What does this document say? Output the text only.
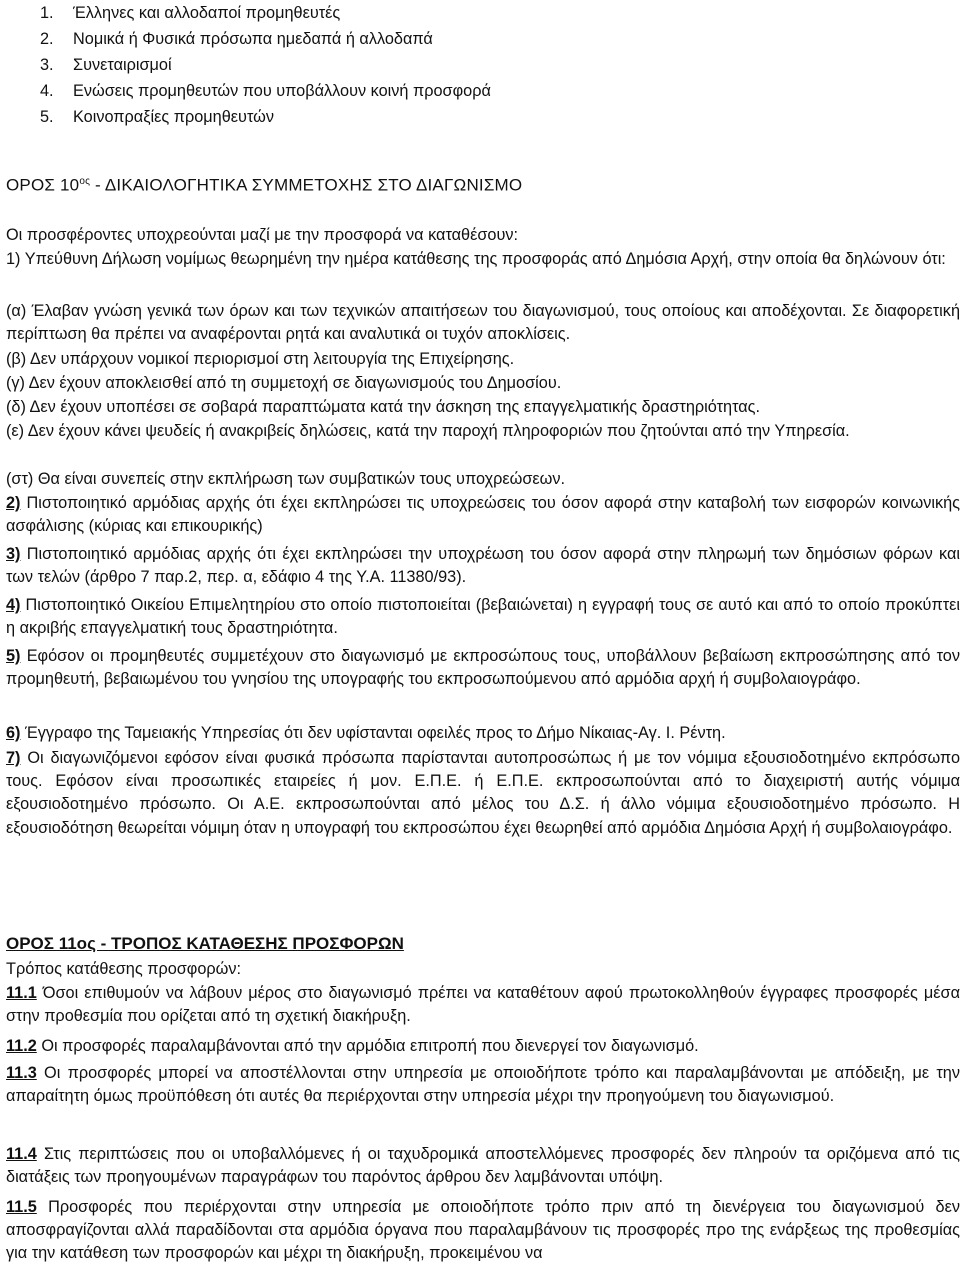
1. Έλληνες και αλλοδαποί προμηθευτές
2. Νομικά ή Φυσικά πρόσωπα ημεδαπά ή αλλοδαπά
3. Συνεταιρισμοί
4. Ενώσεις προμηθευτών που υποβάλλουν κοινή προσφορά
5. Κοινοπραξίες προμηθευτών
ΟΡΟΣ $10^{o\varsigma}$ - ΔΙΚΑΙΟΛΟΓΗΤΙΚΑ ΣΥΜΜΕΤΟΧΗΣ ΣΤΟ ΔΙΑΓΩΝΙΣΜΟ

Οι προσφέροντες υποχρεούνται μαζί με την προσφορά να καταθέσουν:

1) Υπεύθυνη Δήλωση νομίμως θεωρημένη την ημέρα κατάθεσης της προσφοράς από Δημόσια Αρχή, στην οποία θα δηλώνουν ότι:

(α) Έλαβαν γνώση γενικά των όρων και των τεχνικών απαιτήσεων του διαγωνισμού, τους οποίους και αποδέχονται. Σε διαφορετική περίπτωση θα πρέπει να αναφέρονται ρητά και αναλυτικά οι τυχόν αποκλίσεις.

(β) Δεν υπάρχουν νομικοί περιορισμοί στη λειτουργία της Επιχείρησης.

(γ) Δεν έχουν αποκλεισθεί από τη συμμετοχή σε διαγωνισμούς του Δημοσίου.

(δ) Δεν έχουν υποπέσει σε σοβαρά παραπτώματα κατά την άσκηση της επαγγελματικής δραστηριότητας.

(ε) Δεν έχουν κάνει ψευδείς ή ανακριβείς δηλώσεις, κατά την παροχή πληροφοριών που ζητούνται από την Υπηρεσία.

(στ) Θα είναι συνεπείς στην εκπλήρωση των συμβατικών τους υποχρεώσεων.

2) Πιστοποιητικό αρμόδιας αρχής ότι έχει εκπληρώσει τις υποχρεώσεις του όσον αφορά στην καταβολή των εισφορών κοινωνικής ασφάλισης (κύριας και επικουρικής)

3) Πιστοποιητικό αρμόδιας αρχής ότι έχει εκπληρώσει την υποχρέωση του όσον αφορά στην πληρωμή των δημόσιων φόρων και των τελών (άρθρο 7 παρ.2, περ. α, εδάφιο 4 της Υ.Α. 11380/93).

4) Πιστοποιητικό Οικείου Επιμελητηρίου στο οποίο πιστοποιείται (βεβαιώνεται) η εγγραφή τους σε αυτό και από το οποίο προκύπτει η ακριβής επαγγελματική τους δραστηριότητα.

5) Εφόσον οι προμηθευτές συμμετέχουν στο διαγωνισμό με εκπροσώπους τους, υποβάλλουν βεβαίωση εκπροσώπησης από τον προμηθευτή, βεβαιωμένου του γνησίου της υπογραφής του εκπροσωπούμενου από αρμόδια αρχή ή συμβολαιογράφο.

6) Έγγραφο της Ταμειακής Υπηρεσίας ότι δεν υφίστανται οφειλές προς το Δήμο Νίκαιας-Αγ. Ι. Ρέντη.

7) Οι διαγωνιζόμενοι εφόσον είναι φυσικά πρόσωπα παρίστανται αυτοπροσώπως ή με τον νόμιμα εξουσιοδοτημένο εκπρόσωπο τους. Εφόσον είναι προσωπικές εταιρείες ή μον. Ε.Π.Ε. ή Ε.Π.Ε. εκπροσωπούνται από το διαχειριστή αυτής νόμιμα εξουσιοδοτημένο πρόσωπο. Οι Α.Ε. εκπροσωπούνται από μέλος του Δ.Σ. ή άλλο νόμιμα εξουσιοδοτημένο πρόσωπο. Η εξουσιοδότηση θεωρείται νόμιμη όταν η υπογραφή του εκπροσώπου έχει θεωρηθεί από αρμόδια Δημόσια Αρχή ή συμβολαιογράφο.

ΟΡΟΣ 11ος - ΤΡΟΠΟΣ ΚΑΤΑΘΕΣΗΣ ΠΡΟΣΦΟΡΩΝ

Τρόπος κατάθεσης προσφορών:

11.1 Όσοι επιθυμούν να λάβουν μέρος στο διαγωνισμό πρέπει να καταθέτουν αφού πρωτοκολληθούν έγγραφες προσφορές μέσα στην προθεσμία που ορίζεται από τη σχετική διακήρυξη.

11.2 Οι προσφορές παραλαμβάνονται από την αρμόδια επιτροπή που διενεργεί τον διαγωνισμό.

11.3 Οι προσφορές μπορεί να αποστέλλονται στην υπηρεσία με οποιοδήποτε τρόπο και παραλαμβάνονται με απόδειξη, με την απαραίτητη όμως προϋπόθεση ότι αυτές θα περιέρχονται στην υπηρεσία μέχρι την προηγούμενη του διαγωνισμού.

11.4 Στις περιπτώσεις που οι υποβαλλόμενες ή οι ταχυδρομικά αποστελλόμενες προσφορές δεν πληρούν τα οριζόμενα από τις διατάξεις των προηγουμένων παραγράφων του παρόντος άρθρου δεν λαμβάνονται υπόψη.

11.5 Προσφορές που περιέρχονται στην υπηρεσία με οποιοδήποτε τρόπο πριν από τη διενέργεια του διαγωνισμού δεν αποσφραγίζονται αλλά παραδίδονται στα αρμόδια όργανα που παραλαμβάνουν τις προσφορές προ της ενάρξεως της προθεσμίας για την κατάθεση των προσφορών και μέχρι τη διακήρυξη, προκειμένου να
